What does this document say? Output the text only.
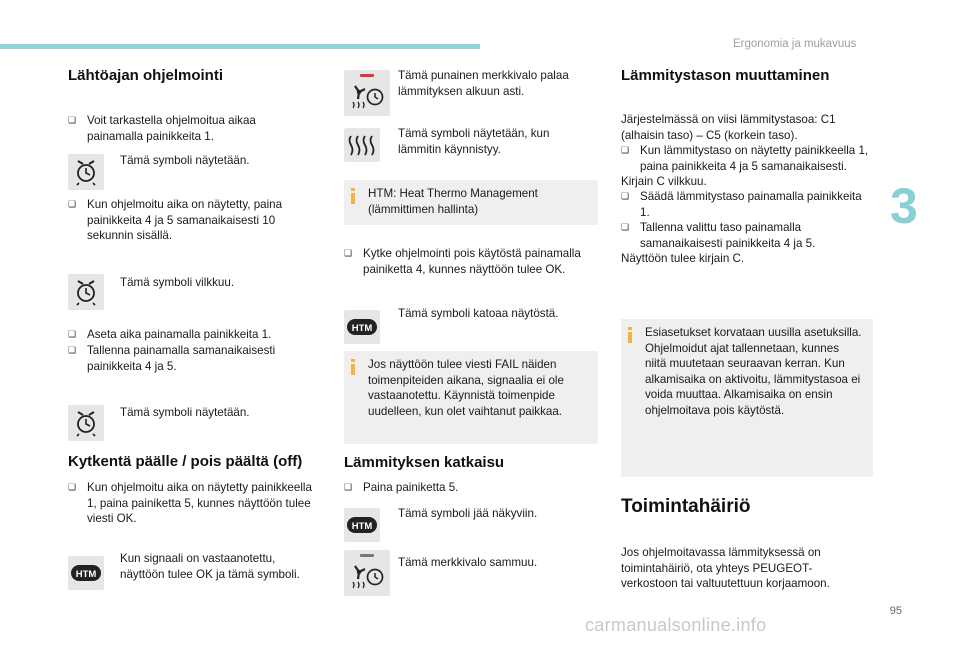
Ergonomia ja mukavuus
3
95
Lähtöajan ohjelmointi
❏ Voit tarkastella ohjelmoitua aikaa painamalla painikkeita 1.
Tämä symboli näytetään.
❏ Kun ohjelmoitu aika on näytetty, paina painikkeita 4 ja 5 samanaikaisesti 10 sekunnin sisällä.
Tämä symboli vilkkuu.
❏ Aseta aika painamalla painikkeita 1.
❏ Tallenna painamalla samanaikaisesti painikkeita 4 ja 5.
Tämä symboli näytetään.
Kytkentä päälle / pois päältä (off)
❏ Kun ohjelmoitu aika on näytetty painikkeella 1, paina painiketta 5, kunnes näyttöön tulee viesti OK.
HTM
Kun signaali on vastaanotettu, näyttöön tulee OK ja tämä symboli.
Tämä punainen merkkivalo palaa lämmityksen alkuun asti.
Tämä symboli näytetään, kun lämmitin käynnistyy.
HTM: Heat Thermo Management (lämmittimen hallinta)
❏ Kytke ohjelmointi pois käytöstä painamalla painiketta 4, kunnes näyttöön tulee OK.
HTM
Tämä symboli katoaa näytöstä.
Jos näyttöön tulee viesti FAIL näiden toimenpiteiden aikana, signaalia ei ole vastaanotettu. Käynnistä toimenpide uudelleen, kun olet vaihtanut paikkaa.
Lämmityksen katkaisu
❏ Paina painiketta 5.
HTM
Tämä symboli jää näkyviin.
Tämä merkkivalo sammuu.
Lämmitystason muuttaminen
Järjestelmässä on viisi lämmitystasoa: C1 (alhaisin taso) – C5 (korkein taso).
❏ Kun lämmitystaso on näytetty painikkeella 1, paina painikkeita 4 ja 5 samanaikaisesti.
Kirjain C vilkkuu.
❏ Säädä lämmitystaso painamalla painikkeita 1.
❏ Tallenna valittu taso painamalla samanaikaisesti painikkeita 4 ja 5.
Näyttöön tulee kirjain C.
Esiasetukset korvataan uusilla asetuksilla. Ohjelmoidut ajat tallennetaan, kunnes niitä muutetaan seuraavan kerran. Kun alkamisaika on aktivoitu, lämmitystasoa ei voida muuttaa. Alkamisaika on ensin ohjelmoitava pois käytöstä.
Toimintahäiriö
Jos ohjelmoitavassa lämmityksessä on toimintahäiriö, ota yhteys PEUGEOT-verkostoon tai valtuutettuun korjaamoon.
carmanualsonline.info
